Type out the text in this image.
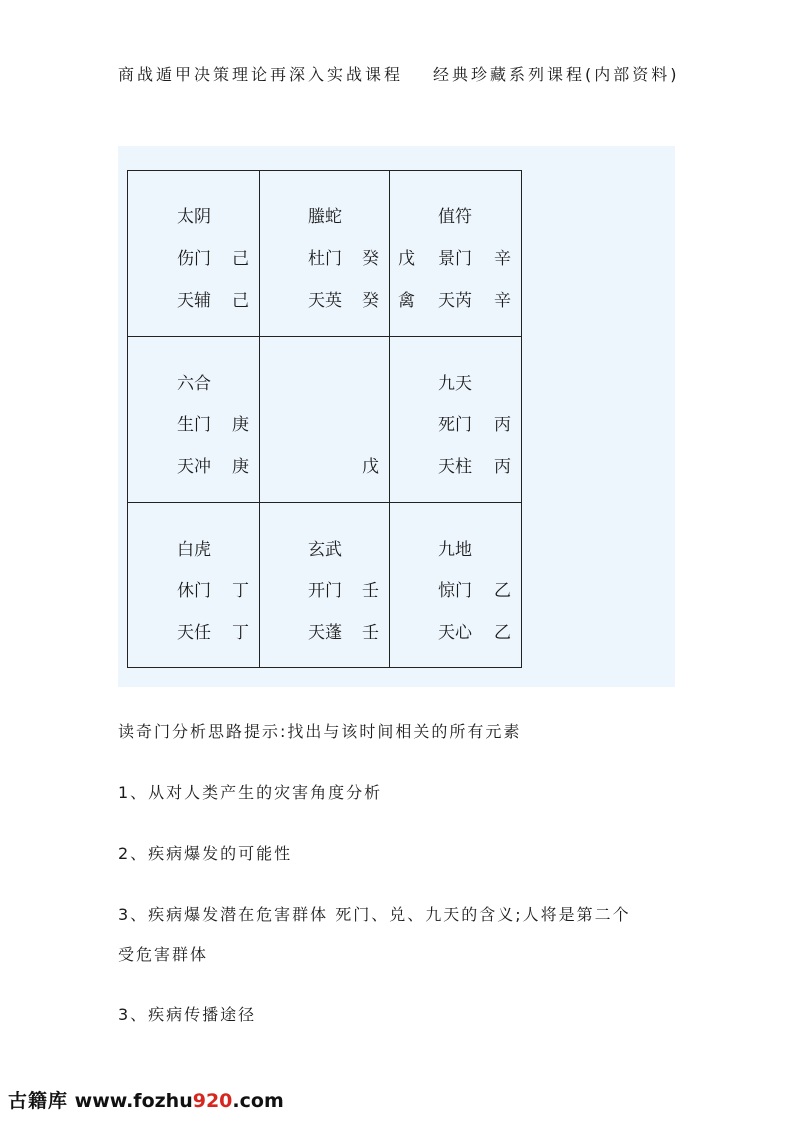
商战遁甲决策理论再深入实战课程 经典珍藏系列课程(内部资料)
太阴
伤门 己
天辅 己
螣蛇
杜门 癸
天英 癸
值符
戊 景门 辛
禽 天芮 辛
六合
生门 庚
天冲 庚	戊
九天
死门 丙
天柱 丙
白虎
休门 丁
天任 丁
玄武
开门 壬
天蓬 壬
九地
惊门 乙
天心 乙
读奇门分析思路提示:找出与该时间相关的所有元素
1、从对人类产生的灾害角度分析
2、疾病爆发的可能性
3、疾病爆发潜在危害群体 死门、兑、九天的含义;人将是第二个
受危害群体
3、疾病传播途径
古籍库 www.fozhu920.com
